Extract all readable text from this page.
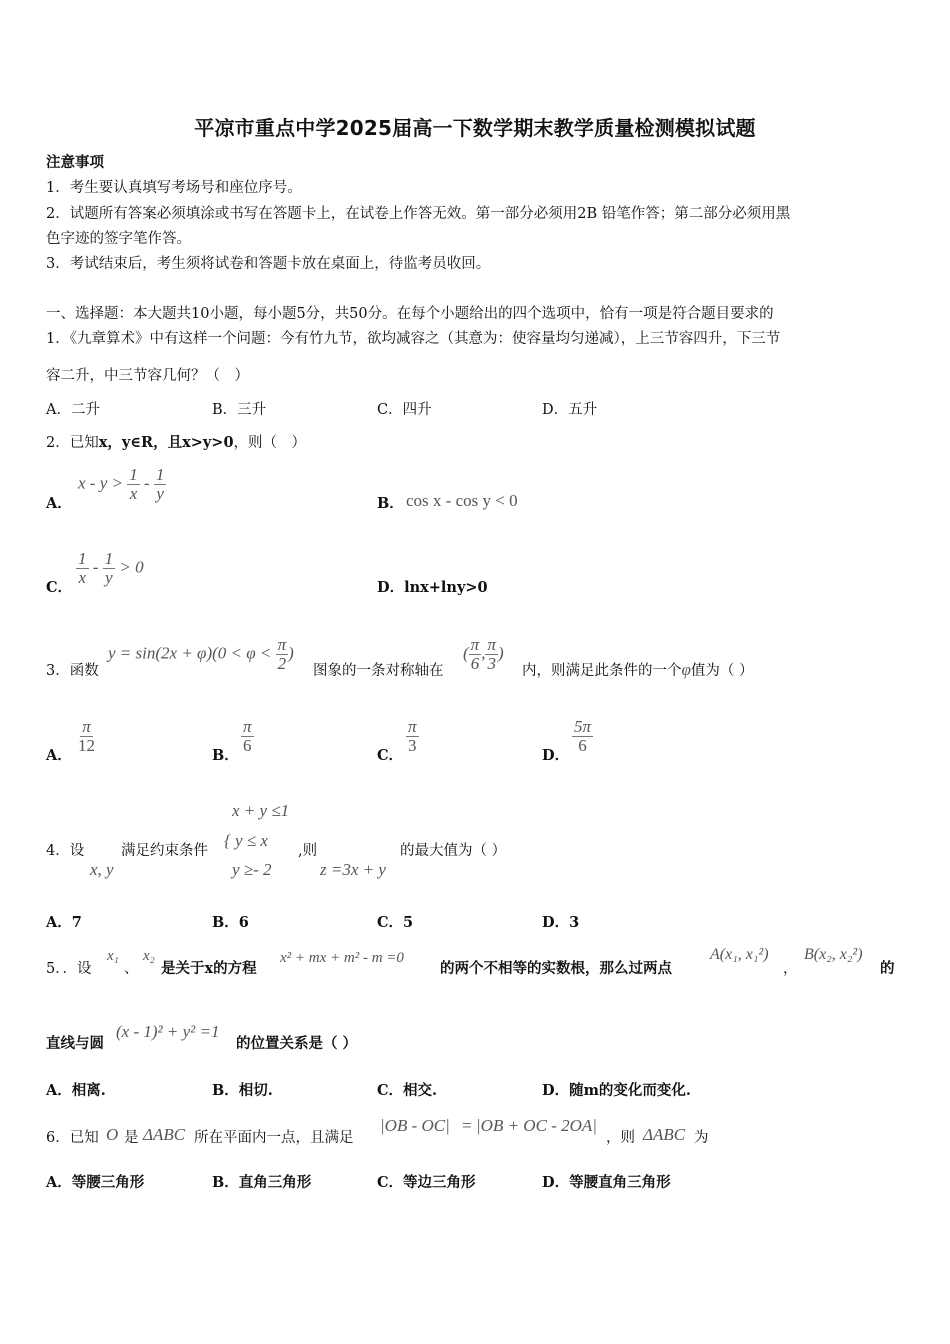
平凉市重点中学2025届高一下数学期末教学质量检测模拟试题
注意事项
1．考生要认真填写考场号和座位序号。
2．试题所有答案必须填涂或书写在答题卡上，在试卷上作答无效。第一部分必须用2B 铅笔作答；第二部分必须用黑
色字迹的签字笔作答。
3．考试结束后，考生须将试卷和答题卡放在桌面上，待监考员收回。
一、选择题：本大题共10小题，每小题5分，共50分。在每个小题给出的四个选项中，恰有一项是符合题目要求的
1．《九章算术》中有这样一个问题：今有竹九节，欲均减容之（其意为：使容量均匀递减），上三节容四升，下三节
容二升，中三节容几何？（　）
A．二升	B．三升	C．四升	D．五升
2．已知x，y∈R，且x>y>0，则（　）
A．
$x - y > \frac{1}{x} - \frac{1}{y}$
B． cos x - cos y < 0
C．
$\frac{1}{x} - \frac{1}{y} > 0$
D．lnx+lny>0
3．函数
$y = \sin(2x + \varphi)(0 < \varphi < \frac{\pi}{2}$ )
图象的一条对称轴在
( $\frac{\pi}{6}$ , $\frac{\pi}{3}$ )
内，则满足此条件的一个φ值为（ ）
A．
$\frac{\pi}{12}$
B．
$\frac{\pi}{6}$
C．
$\frac{\pi}{3}$
D．
$\frac{5\pi}{6}$
4．设
x, y
满足约束条件
x + y ≤1
{ y ≤ x
y ≥- 2
,则
z =3x + y
的最大值为（ ）
A．7	B．6	C．5	D．3
5．．设
x₁
、
x₂
是关于x的方程
x² + mx + m² - m =0
的两个不相等的实数根，那么过两点
A(x₁, x₁²)
，
B(x₂, x₂²)
的
直线与圆
(x - 1)² + y² =1
的位置关系是（ ）
A．相离.	B．相切.	C．相交.	D．随m的变化而变化.
6．已知 O 是 ΔABC 所在平面内一点，且满足
|OB - OC| = |OB + OC - 2OA|
，则 ΔABC 为
A．等腰三角形	B．直角三角形	C．等边三角形	D．等腰直角三角形
